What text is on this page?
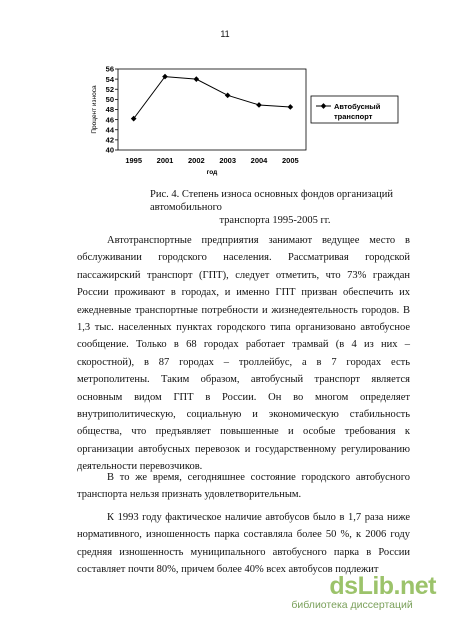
11
40
42
44
46
48
50
52
54
56
1995 2001 2002 2003 2004 2005
год
Процент износа	Автобусный
транспорт
Рис. 4. Степень износа основных фондов организаций автомобильного
транспорта 1995-2005 гг.

Автотранспортные предприятия занимают ведущее место в обслуживании городского населения. Рассматривая городской пассажирский транспорт (ГПТ), следует отметить, что 73% граждан России проживают в городах, и именно ГПТ призван обеспечить их ежедневные транспортные потребности и жизнедеятельность городов. В 1,3 тыс. населенных пунктах городского типа организовано автобусное сообщение. Только в 68 городах работает трамвай (в 4 из них – скоростной), в 87 городах – троллейбус, а в 7 городах есть метрополитены. Таким образом, автобусный транспорт является основным видом ГПТ в России. Он во многом определяет внутриполитическую, социальную и экономическую стабильность общества, что предъявляет повышенные и особые требования к организации автобусных перевозок и государственному регулированию деятельности перевозчиков.

В то же время, сегодняшнее состояние городского автобусного транспорта нельзя признать удовлетворительным.

К 1993 году фактическое наличие автобусов было в 1,7 раза ниже нормативного, изношенность парка составляла более 50 %, к 2006 году средняя изношенность муниципального автобусного парка в России составляет почти 80%, причем более 40% всех автобусов подлежит

dsLib.net
библиотека диссертаций
